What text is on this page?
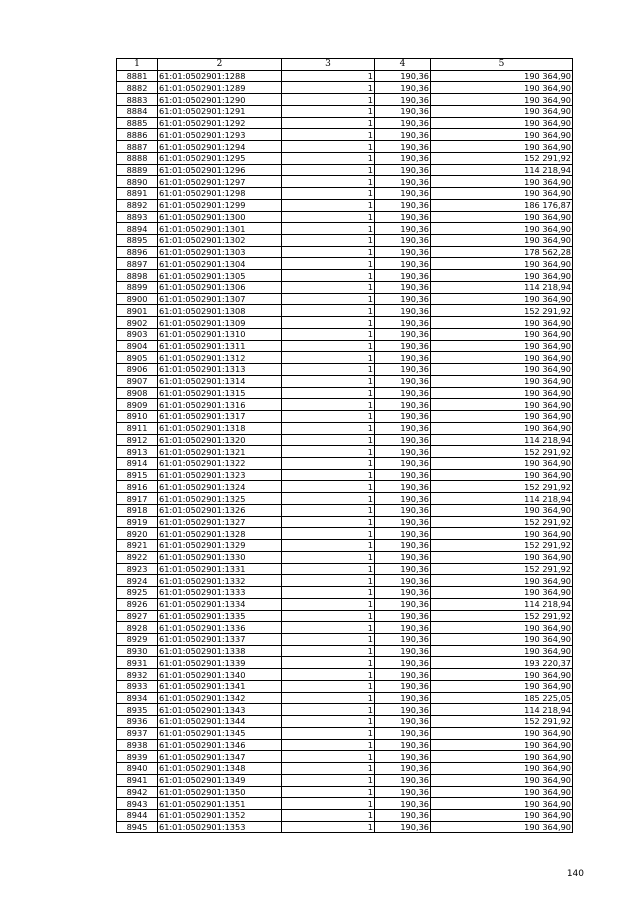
1	2	3	4	5
8881	61:01:0502901:1288	1	190,36	190 364,90
8882	61:01:0502901:1289	1	190,36	190 364,90
8883	61:01:0502901:1290	1	190,36	190 364,90
8884	61:01:0502901:1291	1	190,36	190 364,90
8885	61:01:0502901:1292	1	190,36	190 364,90
8886	61:01:0502901:1293	1	190,36	190 364,90
8887	61:01:0502901:1294	1	190,36	190 364,90
8888	61:01:0502901:1295	1	190,36	152 291,92
8889	61:01:0502901:1296	1	190,36	114 218,94
8890	61:01:0502901:1297	1	190,36	190 364,90
8891	61:01:0502901:1298	1	190,36	190 364,90
8892	61:01:0502901:1299	1	190,36	186 176,87
8893	61:01:0502901:1300	1	190,36	190 364,90
8894	61:01:0502901:1301	1	190,36	190 364,90
8895	61:01:0502901:1302	1	190,36	190 364,90
8896	61:01:0502901:1303	1	190,36	178 562,28
8897	61:01:0502901:1304	1	190,36	190 364,90
8898	61:01:0502901:1305	1	190,36	190 364,90
8899	61:01:0502901:1306	1	190,36	114 218,94
8900	61:01:0502901:1307	1	190,36	190 364,90
8901	61:01:0502901:1308	1	190,36	152 291,92
8902	61:01:0502901:1309	1	190,36	190 364,90
8903	61:01:0502901:1310	1	190,36	190 364,90
8904	61:01:0502901:1311	1	190,36	190 364,90
8905	61:01:0502901:1312	1	190,36	190 364,90
8906	61:01:0502901:1313	1	190,36	190 364,90
8907	61:01:0502901:1314	1	190,36	190 364,90
8908	61:01:0502901:1315	1	190,36	190 364,90
8909	61:01:0502901:1316	1	190,36	190 364,90
8910	61:01:0502901:1317	1	190,36	190 364,90
8911	61:01:0502901:1318	1	190,36	190 364,90
8912	61:01:0502901:1320	1	190,36	114 218,94
8913	61:01:0502901:1321	1	190,36	152 291,92
8914	61:01:0502901:1322	1	190,36	190 364,90
8915	61:01:0502901:1323	1	190,36	190 364,90
8916	61:01:0502901:1324	1	190,36	152 291,92
8917	61:01:0502901:1325	1	190,36	114 218,94
8918	61:01:0502901:1326	1	190,36	190 364,90
8919	61:01:0502901:1327	1	190,36	152 291,92
8920	61:01:0502901:1328	1	190,36	190 364,90
8921	61:01:0502901:1329	1	190,36	152 291,92
8922	61:01:0502901:1330	1	190,36	190 364,90
8923	61:01:0502901:1331	1	190,36	152 291,92
8924	61:01:0502901:1332	1	190,36	190 364,90
8925	61:01:0502901:1333	1	190,36	190 364,90
8926	61:01:0502901:1334	1	190,36	114 218,94
8927	61:01:0502901:1335	1	190,36	152 291,92
8928	61:01:0502901:1336	1	190,36	190 364,90
8929	61:01:0502901:1337	1	190,36	190 364,90
8930	61:01:0502901:1338	1	190,36	190 364,90
8931	61:01:0502901:1339	1	190,36	193 220,37
8932	61:01:0502901:1340	1	190,36	190 364,90
8933	61:01:0502901:1341	1	190,36	190 364,90
8934	61:01:0502901:1342	1	190,36	185 225,05
8935	61:01:0502901:1343	1	190,36	114 218,94
8936	61:01:0502901:1344	1	190,36	152 291,92
8937	61:01:0502901:1345	1	190,36	190 364,90
8938	61:01:0502901:1346	1	190,36	190 364,90
8939	61:01:0502901:1347	1	190,36	190 364,90
8940	61:01:0502901:1348	1	190,36	190 364,90
8941	61:01:0502901:1349	1	190,36	190 364,90
8942	61:01:0502901:1350	1	190,36	190 364,90
8943	61:01:0502901:1351	1	190,36	190 364,90
8944	61:01:0502901:1352	1	190,36	190 364,90
8945	61:01:0502901:1353	1	190,36	190 364,90
140
